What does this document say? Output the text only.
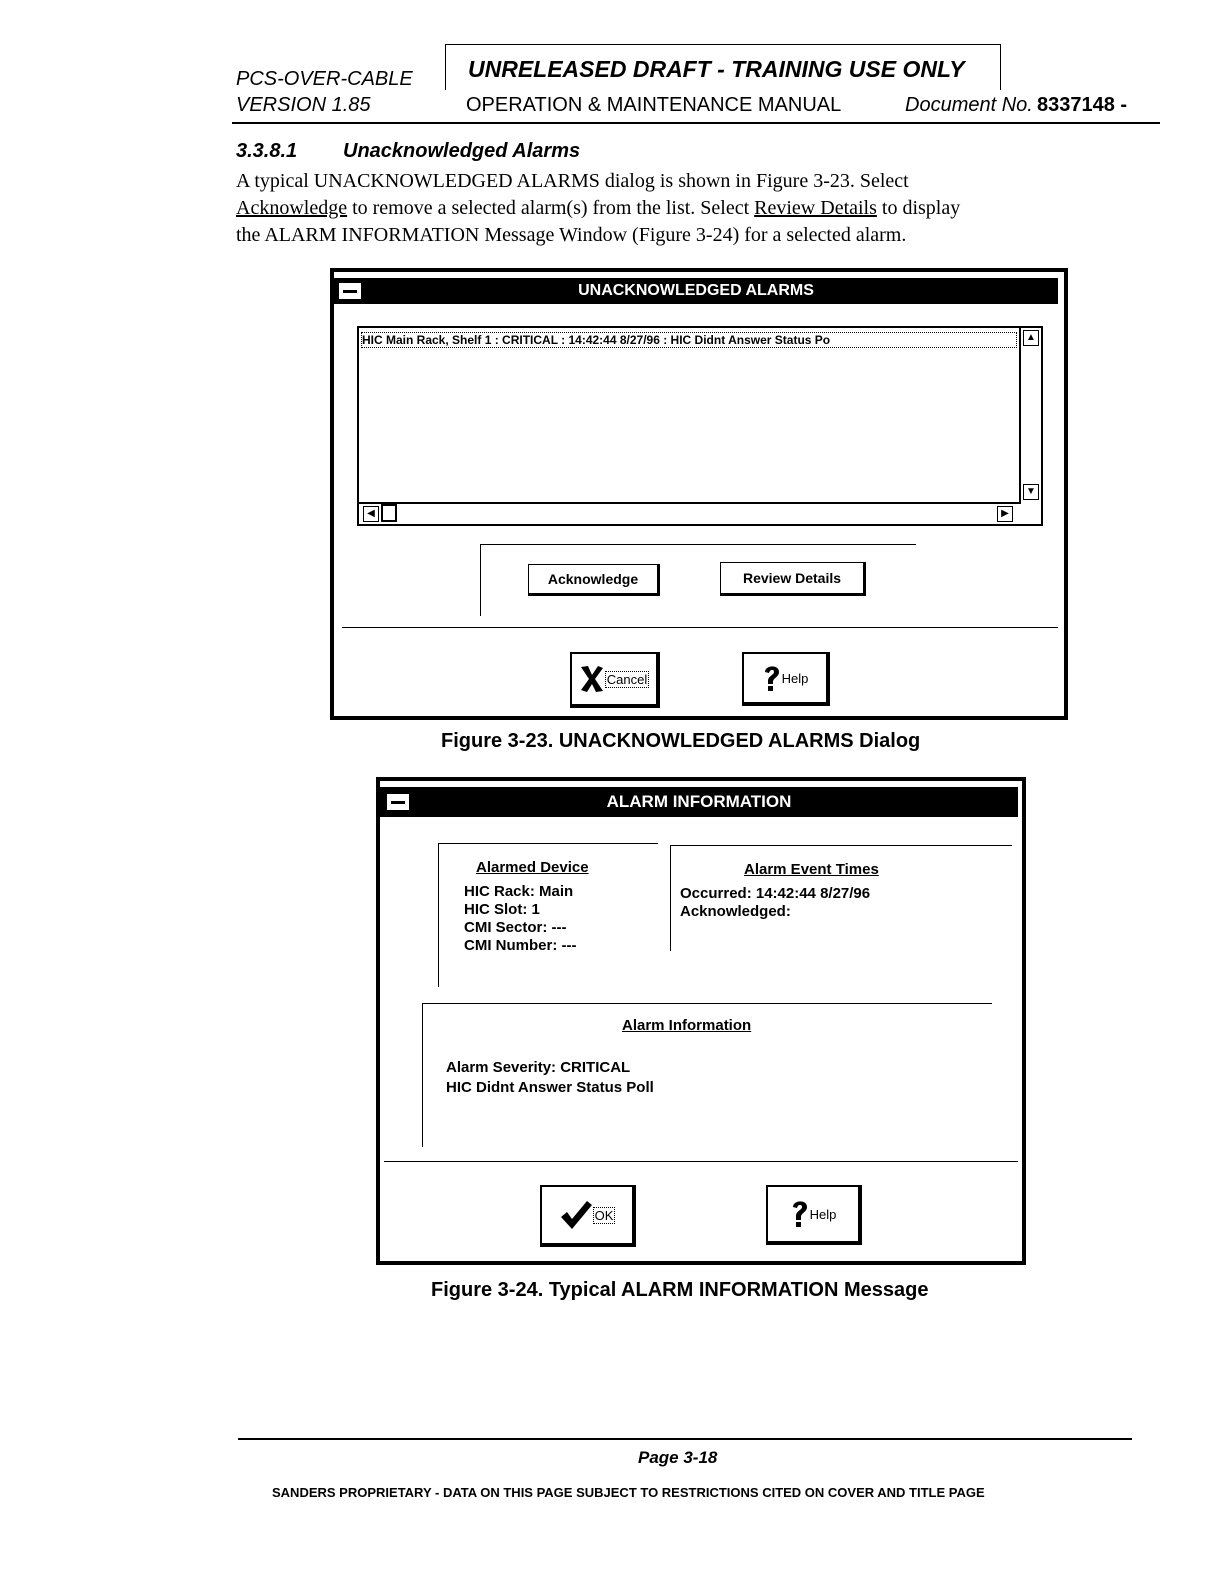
PCS-OVER-CABLE
VERSION 1.85
UNRELEASED DRAFT - TRAINING USE ONLY
OPERATION & MAINTENANCE MANUAL	Document No. 8337148 -
3.3.8.1 Unacknowledged Alarms
A typical UNACKNOWLEDGED ALARMS dialog is shown in Figure 3-23. Select
Acknowledge to remove a selected alarm(s) from the list. Select Review Details to display
the ALARM INFORMATION Message Window (Figure 3-24) for a selected alarm.
UNACKNOWLEDGED ALARMS
HIC Main Rack, Shelf 1 : CRITICAL : 14:42:44 8/27/96 : HIC Didnt Answer Status Po	▲
▼
◀	▶
Acknowledge	Review Details
Cancel	Help
Figure 3-23. UNACKNOWLEDGED ALARMS Dialog
ALARM INFORMATION
Alarmed Device
HIC Rack: Main
HIC Slot: 1
CMI Sector: ---
CMI Number: ---
Alarm Event Times
Occurred: 14:42:44 8/27/96
Acknowledged:
Alarm Information
Alarm Severity: CRITICAL
HIC Didnt Answer Status Poll
OK	Help
Figure 3-24. Typical ALARM INFORMATION Message
Page 3-18
SANDERS PROPRIETARY - DATA ON THIS PAGE SUBJECT TO RESTRICTIONS CITED ON COVER AND TITLE PAGE
